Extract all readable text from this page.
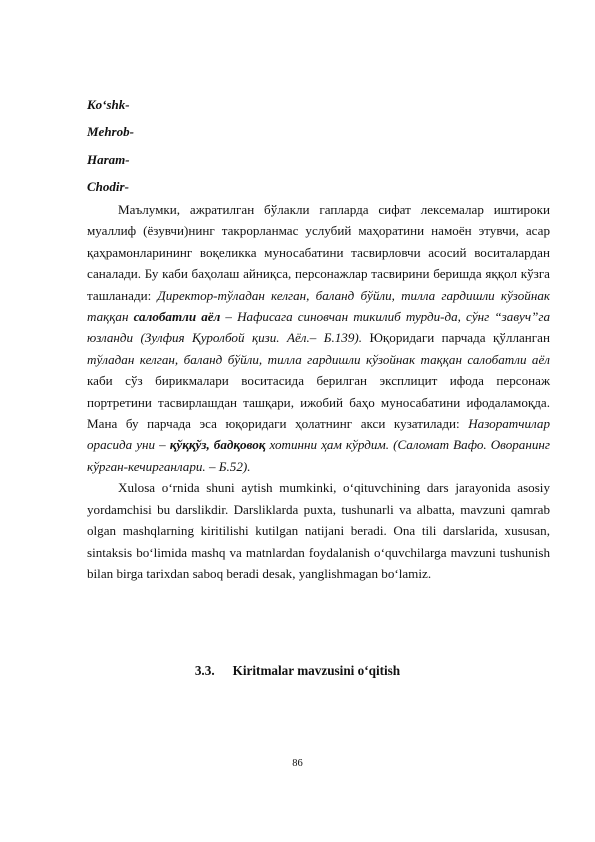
Ko‘shk-
Mehrob-
Haram-
Chodir-

Маълумки, ажратилган бўлакли гапларда сифат лексемалар иштироки муаллиф (ёзувчи)нинг такрорланмас услубий маҳоратини намоён этувчи, асар қаҳрамонларининг воқеликка муносабатини тасвирловчи асосий воситалардан саналади. Бу каби баҳолаш айниқса, персонажлар тасвирини беришда яққол кўзга ташланади: Директор-тўладан келган, баланд бўйли, тилла гардишли кўзойнак таққан салобатли аёл – Нафисага синовчан тикилиб турди-да, сўнг “завуч”га юзланди (Зулфия Қуролбой қизи. Аёл.– Б.139). Юқоридаги парчада қўлланган тўладан келган, баланд бўйли, тилла гардишли кўзойнак таққан салобатли аёл каби сўз бирикмалари воситасида берилган эксплицит ифода персонаж портретини тасвирлашдан ташқари, ижобий баҳо муносабатини ифодаламоқда. Мана бу парчада эса юқоридаги ҳолатнинг акси кузатилади: Назоратчилар орасида уни – қўққўз, бадқовоқ хотинни ҳам кўрдим. (Саломат Вафо. Оворанинг кўрган-кечирганлари. – Б.52).

Xulosa o‘rnida shuni aytish mumkinki, o‘qituvchining dars jarayonida asosiy yordamchisi bu darslikdir. Darsliklarda puxta, tushunarli va albatta, mavzuni qamrab olgan mashqlarning kiritilishi kutilgan natijani beradi. Ona tili darslarida, xususan, sintaksis bo‘limida mashq va matnlardan foydalanish o‘quvchilarga mavzuni tushunish bilan birga tarixdan saboq beradi desak, yanglishmagan bo‘lamiz.

3.3. Kiritmalar mavzusini o‘qitish
86
